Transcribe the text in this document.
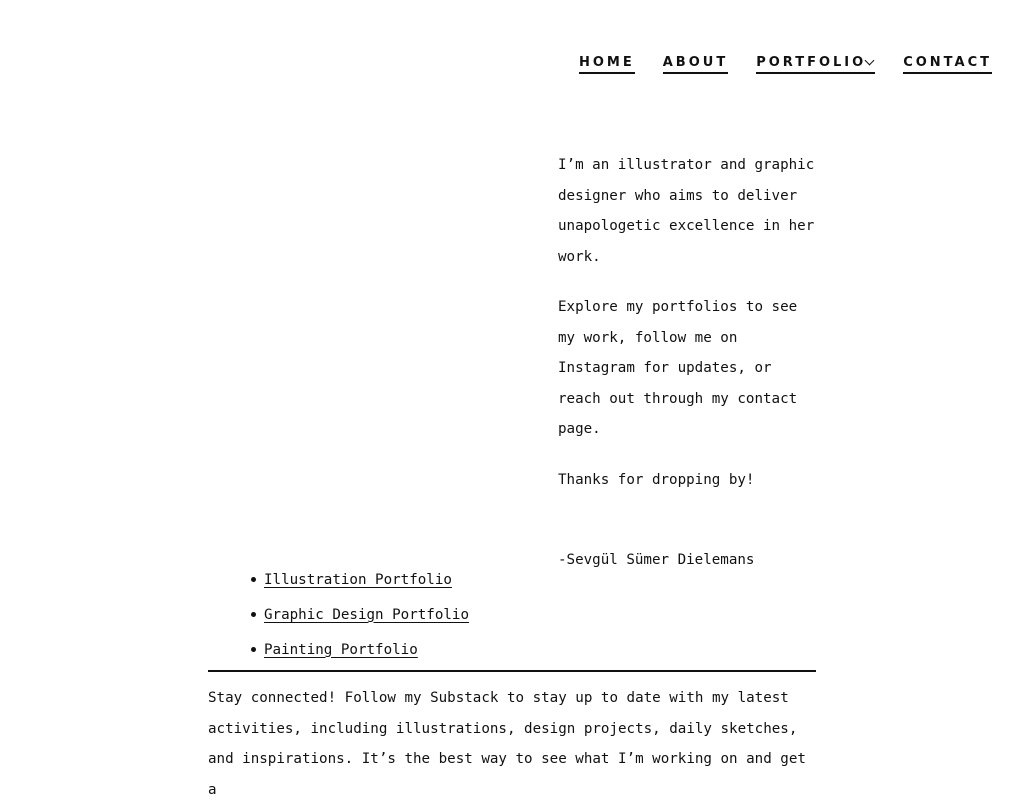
HOME ABOUT PORTFOLIO	CONTACT

I’m an illustrator and graphic designer who aims to deliver unapologetic excellence in her work.

Explore my portfolios to see my work, follow me on Instagram for updates, or reach out through my contact page.

Thanks for dropping by!

-Sevgül Sümer Dielemans

Illustration Portfolio
Graphic Design Portfolio
Painting Portfolio

Stay connected! Follow my Substack to stay up to date with my latest activities, including illustrations, design projects, daily sketches, and inspirations. It’s the best way to see what I’m working on and get a
